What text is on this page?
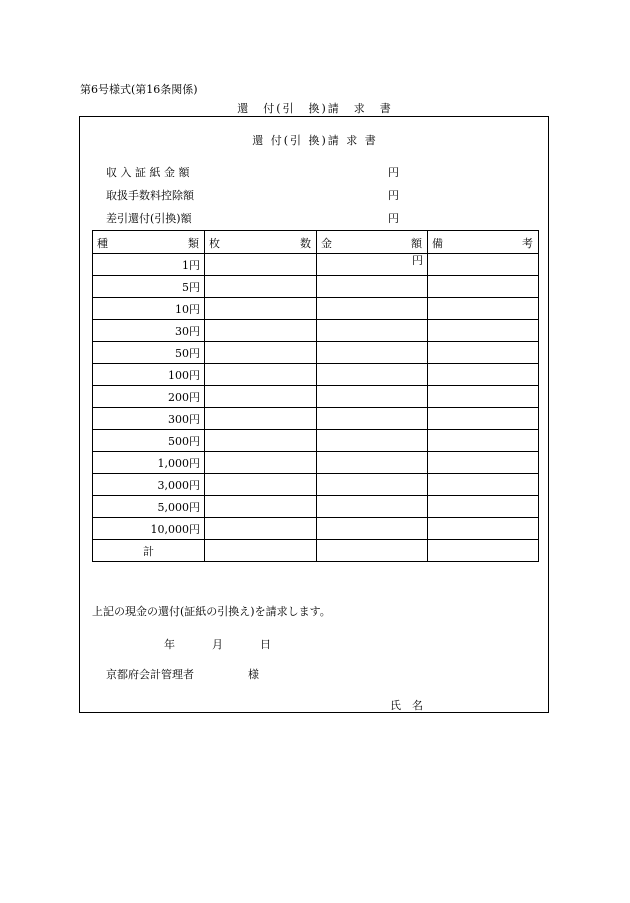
第6号様式(第16条関係)
還　付(引　換)請　求　書
還 付(引 換)請 求 書
収 入 証 紙 金 額	円
取扱手数料控除額	円
差引還付(引換)額	円
種 類	枚 数	金 額	備 考

1円		円	
5円			
10円			
30円			
50円			
100円			
200円			
300円			
500円			
1,000円			
3,000円			
5,000円			
10,000円			
計			
上記の現金の還付(証紙の引換え)を請求します。
年	月	日
京都府会計管理者	様
氏　名
